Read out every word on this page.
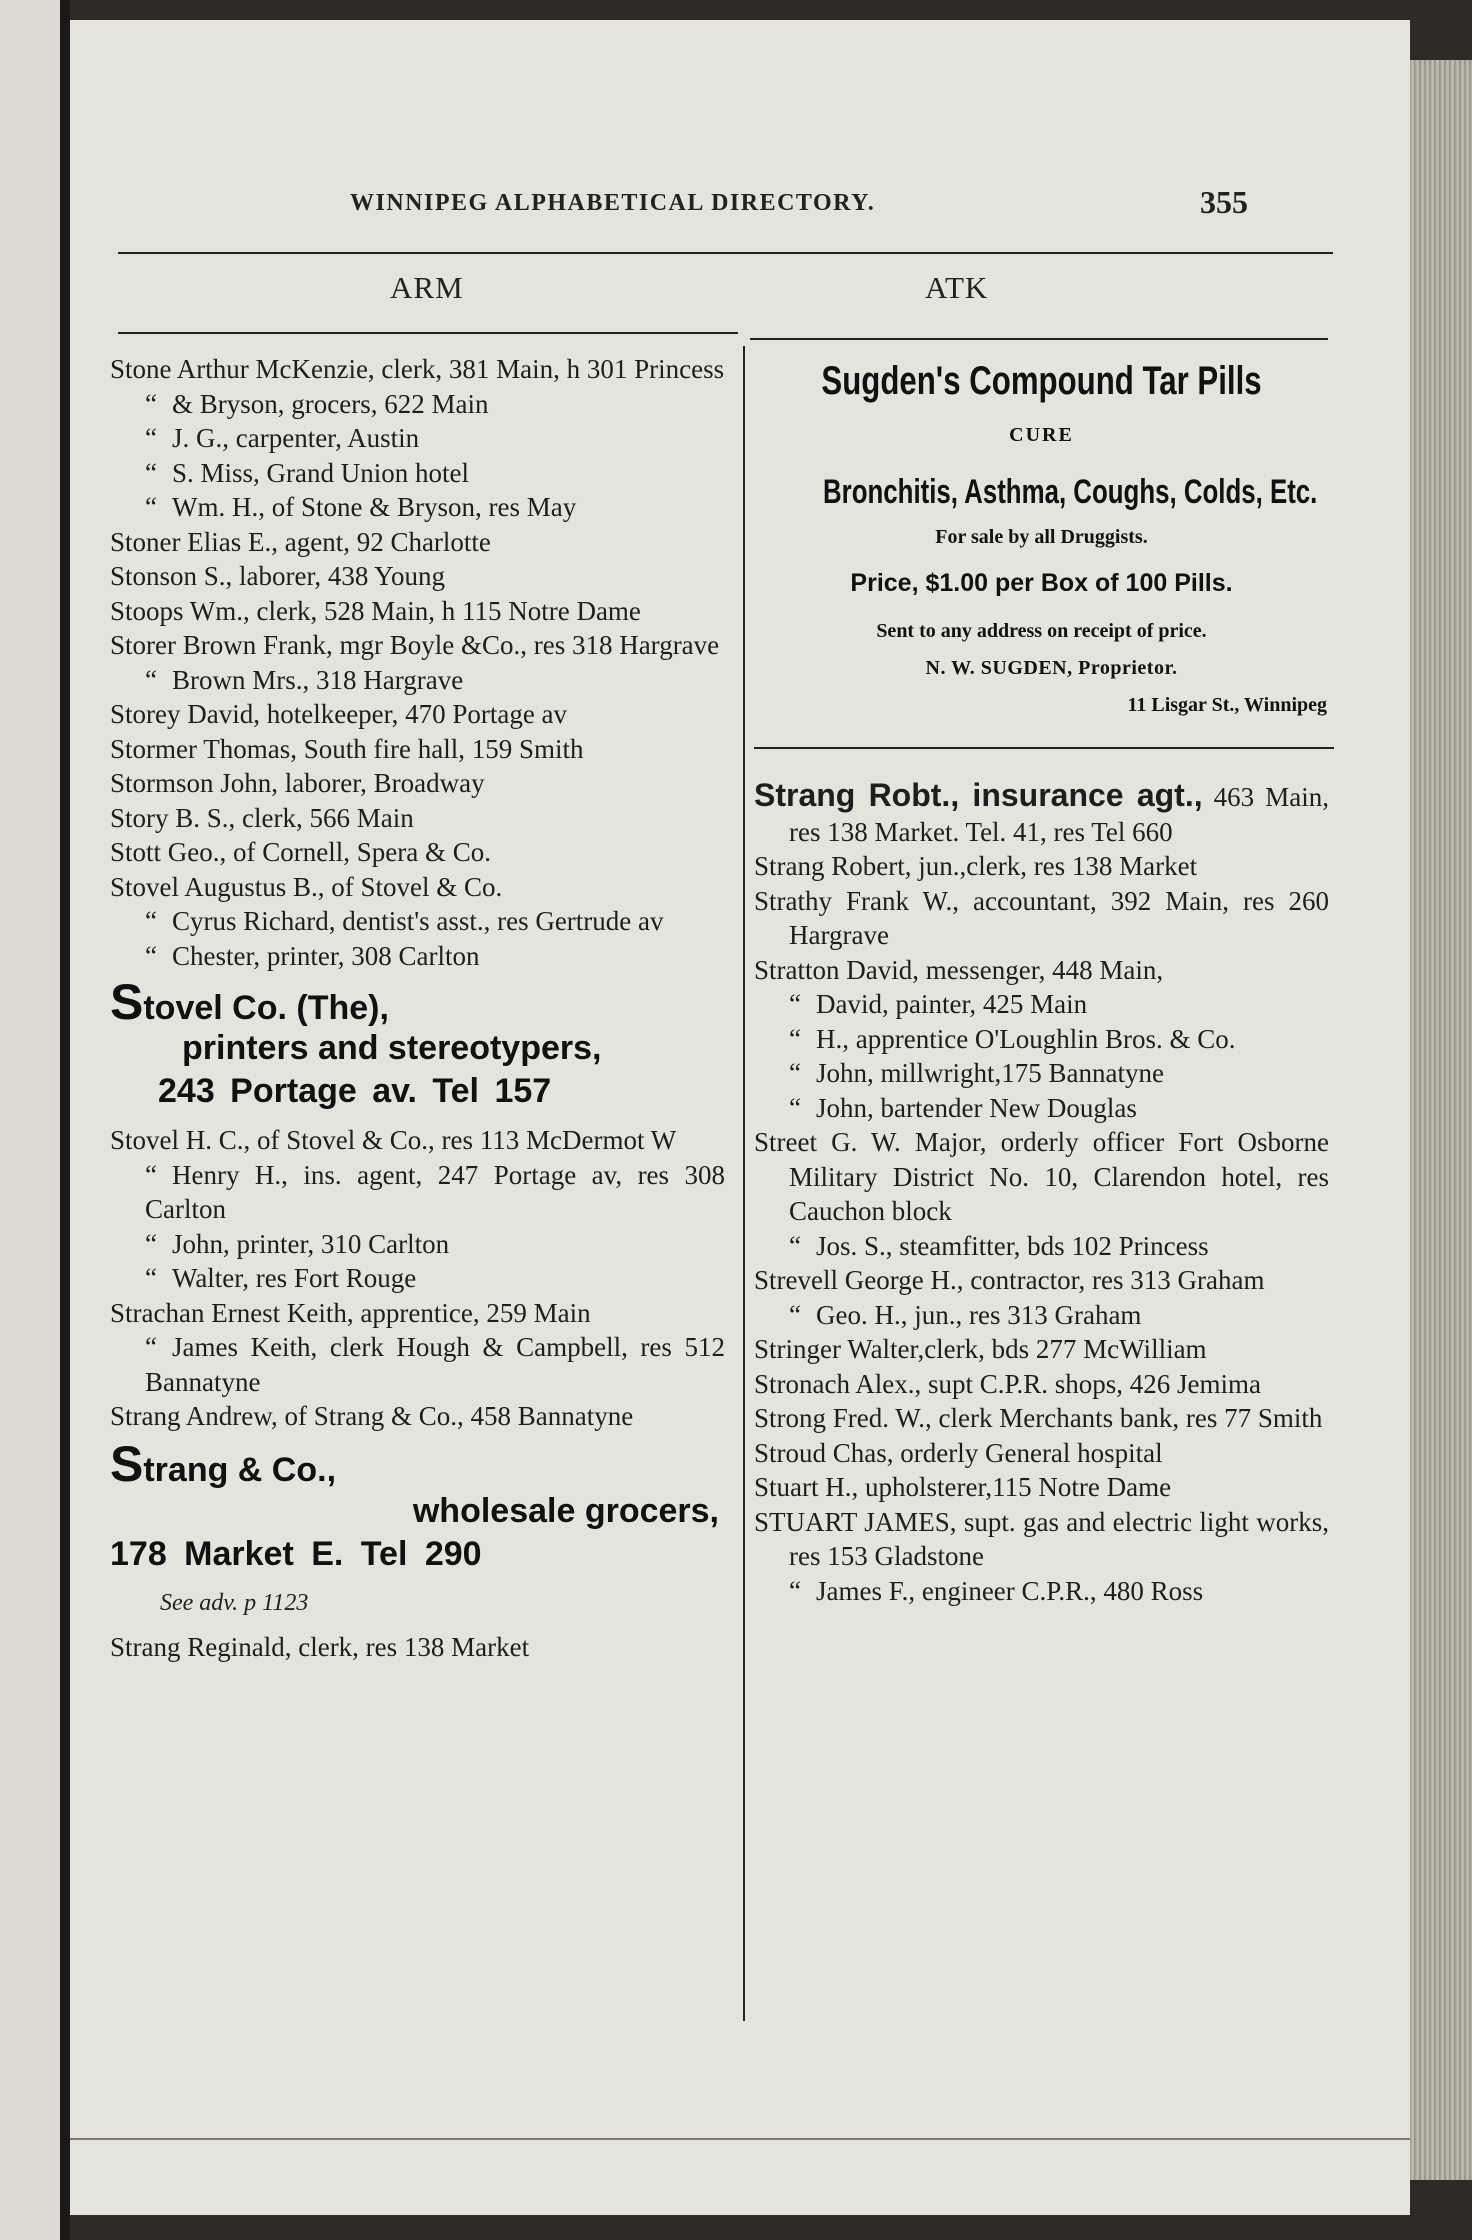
WINNIPEG ALPHABETICAL DIRECTORY.	355
ARM	ATK

Stone Arthur McKenzie, clerk, 381 Main, h 301 Princess

“ & Bryson, grocers, 622 Main

“ J. G., carpenter, Austin

“ S. Miss, Grand Union hotel

“ Wm. H., of Stone & Bryson, res May

Stoner Elias E., agent, 92 Charlotte

Stonson S., laborer, 438 Young

Stoops Wm., clerk, 528 Main, h 115 Notre Dame

Storer Brown Frank, mgr Boyle &Co., res 318 Hargrave

“ Brown Mrs., 318 Hargrave

Storey David, hotelkeeper, 470 Portage av

Stormer Thomas, South fire hall, 159 Smith

Stormson John, laborer, Broadway

Story B. S., clerk, 566 Main

Stott Geo., of Cornell, Spera & Co.

Stovel Augustus B., of Stovel & Co.

“ Cyrus Richard, dentist's asst., res Gertrude av

“ Chester, printer, 308 Carlton

Stovel Co. (The),
printers and stereotypers,
243 Portage av. Tel 157

Stovel H. C., of Stovel & Co., res 113 McDermot W

“ Henry H., ins. agent, 247 Portage av, res 308 Carlton

“ John, printer, 310 Carlton

“ Walter, res Fort Rouge

Strachan Ernest Keith, apprentice, 259 Main

“ James Keith, clerk Hough & Campbell, res 512 Bannatyne

Strang Andrew, of Strang & Co., 458 Bannatyne

Strang & Co.,
wholesale grocers,
178 Market E. Tel 290
See adv. p 1123

Strang Reginald, clerk, res 138 Market

Sugden's Compound Tar Pills
CURE
Bronchitis, Asthma, Coughs, Colds, Etc.
For sale by all Druggists.
Price, $1.00 per Box of 100 Pills.
Sent to any address on receipt of price.
N. W. SUGDEN, Proprietor.
11 Lisgar St., Winnipeg

Strang Robt., insurance agt., 463 Main, res 138 Market. Tel. 41, res Tel 660

Strang Robert, jun.,clerk, res 138 Market

Strathy Frank W., accountant, 392 Main, res 260 Hargrave

Stratton David, messenger, 448 Main,

“ David, painter, 425 Main

“ H., apprentice O'Loughlin Bros. & Co.

“ John, millwright,175 Bannatyne

“ John, bartender New Douglas

Street G. W. Major, orderly officer Fort Osborne Military District No. 10, Clarendon hotel, res Cauchon block

“ Jos. S., steamfitter, bds 102 Princess

Strevell George H., contractor, res 313 Graham

“ Geo. H., jun., res 313 Graham

Stringer Walter,clerk, bds 277 McWilliam

Stronach Alex., supt C.P.R. shops, 426 Jemima

Strong Fred. W., clerk Merchants bank, res 77 Smith

Stroud Chas, orderly General hospital

Stuart H., upholsterer,115 Notre Dame

STUART JAMES, supt. gas and electric light works, res 153 Gladstone

“ James F., engineer C.P.R., 480 Ross
